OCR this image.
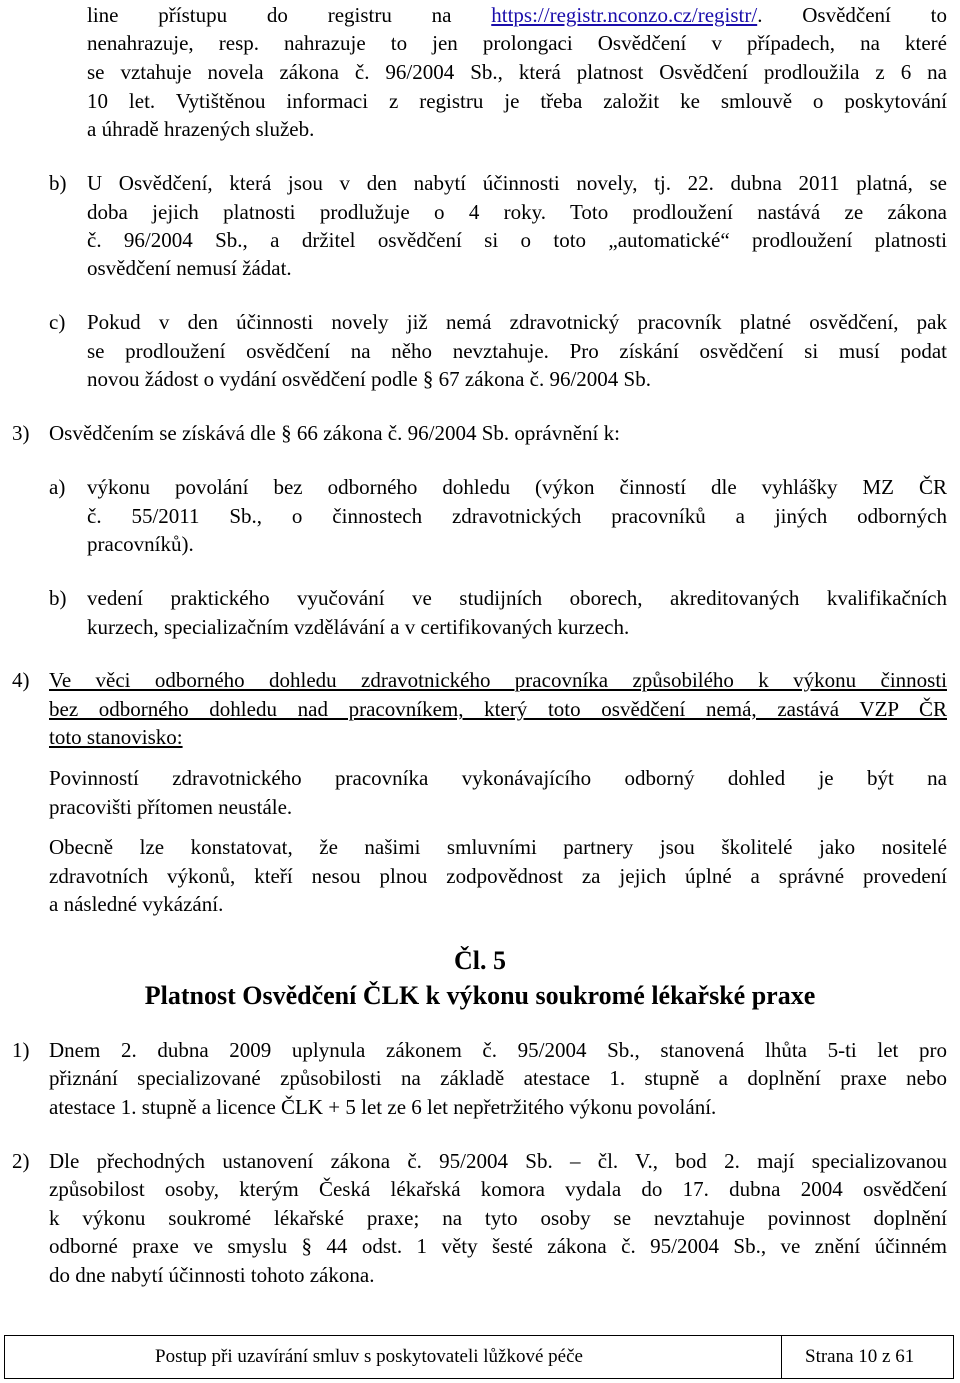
line přístupu do registru na https://registr.nconzo.cz/registr/. Osvědčení to
nenahrazuje, resp. nahrazuje to jen prolongaci Osvědčení v případech, na které
se vztahuje novela zákona č. 96/2004 Sb., která platnost Osvědčení prodloužila z 6 na
10 let. Vytištěnou informaci z registru je třeba založit ke smlouvě o poskytování
a úhradě hrazených služeb.
b) U Osvědčení, která jsou v den nabytí účinnosti novely, tj. 22. dubna 2011 platná, se
doba jejich platnosti prodlužuje o 4 roky. Toto prodloužení nastává ze zákona
č. 96/2004 Sb., a držitel osvědčení si o toto „automatické“ prodloužení platnosti
osvědčení nemusí žádat.
c) Pokud v den účinnosti novely již nemá zdravotnický pracovník platné osvědčení, pak
se prodloužení osvědčení na něho nevztahuje. Pro získání osvědčení si musí podat
novou žádost o vydání osvědčení podle § 67 zákona č. 96/2004 Sb.
3) Osvědčením se získává dle § 66 zákona č. 96/2004 Sb. oprávnění k:
a) výkonu povolání bez odborného dohledu (výkon činností dle vyhlášky MZ ČR
č. 55/2011 Sb., o činnostech zdravotnických pracovníků a jiných odborných
pracovníků).
b) vedení praktického vyučování ve studijních oborech, akreditovaných kvalifikačních
kurzech, specializačním vzdělávání a v certifikovaných kurzech.
4) Ve věci odborného dohledu zdravotnického pracovníka způsobilého k výkonu činnosti
bez odborného dohledu nad pracovníkem, který toto osvědčení nemá, zastává VZP ČR
toto stanovisko:
Povinností zdravotnického pracovníka vykonávajícího odborný dohled je být na
pracovišti přítomen neustále.
Obecně lze konstatovat, že našimi smluvními partnery jsou školitelé jako nositelé
zdravotních výkonů, kteří nesou plnou zodpovědnost za jejich úplné a správné provedení
a následné vykázání.
Čl. 5
Platnost Osvědčení ČLK k výkonu soukromé lékařské praxe
1) Dnem 2. dubna 2009 uplynula zákonem č. 95/2004 Sb., stanovená lhůta 5-ti let pro
přiznání specializované způsobilosti na základě atestace 1. stupně a doplnění praxe nebo
atestace 1. stupně a licence ČLK + 5 let ze 6 let nepřetržitého výkonu povolání.
2) Dle přechodných ustanovení zákona č. 95/2004 Sb. – čl. V., bod 2. mají specializovanou
způsobilost osoby, kterým Česká lékařská komora vydala do 17. dubna 2004 osvědčení
k výkonu soukromé lékařské praxe; na tyto osoby se nevztahuje povinnost doplnění
odborné praxe ve smyslu § 44 odst. 1 věty šesté zákona č. 95/2004 Sb., ve znění účinném
do dne nabytí účinnosti tohoto zákona.
Postup při uzavírání smluv s poskytovateli lůžkové péče	Strana 10 z 61
